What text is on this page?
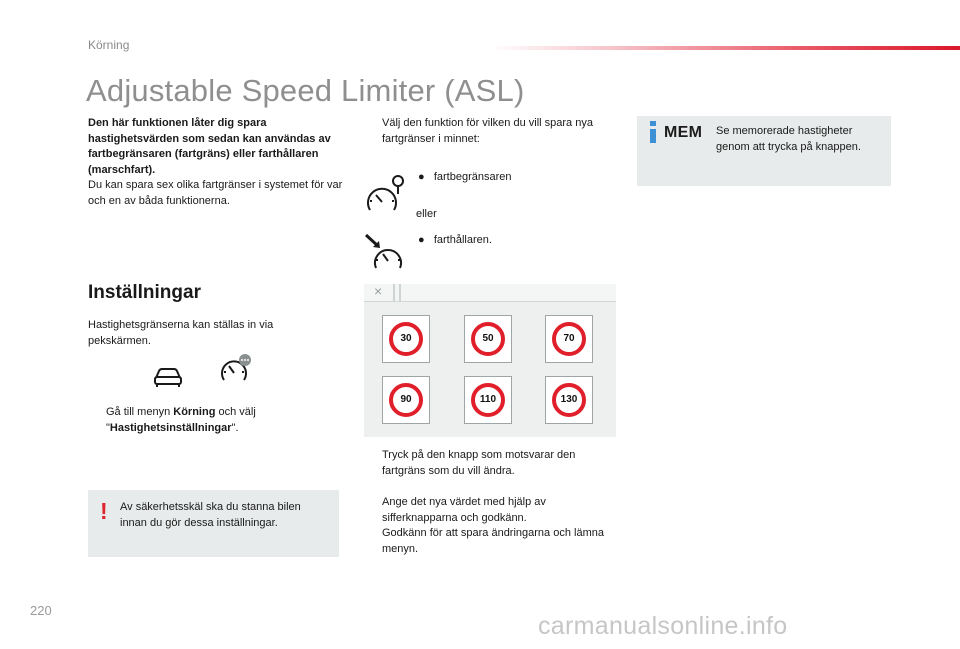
Körning
Adjustable Speed Limiter (ASL)
Den här funktionen låter dig spara hastighetsvärden som sedan kan användas av fartbegränsaren (fartgräns) eller farthållaren (marschfart).
Du kan spara sex olika fartgränser i systemet för var och en av båda funktionerna.
Inställningar
Hastighetsgränserna kan ställas in via pekskärmen.
Gå till menyn Körning och välj
"Hastighetsinställningar".
! Av säkerhetsskäl ska du stanna bilen innan du gör dessa inställningar.
Välj den funktion för vilken du vill spara nya fartgränser i minnet:
● fartbegränsaren
eller
● farthållaren.
×
30	50	70
90	110	130
Tryck på den knapp som motsvarar den fartgräns som du vill ändra.
Ange det nya värdet med hjälp av sifferknapparna och godkänn.
Godkänn för att spara ändringarna och lämna menyn.
MEM Se memorerade hastigheter genom att trycka på knappen.
220
carmanualsonline.info
